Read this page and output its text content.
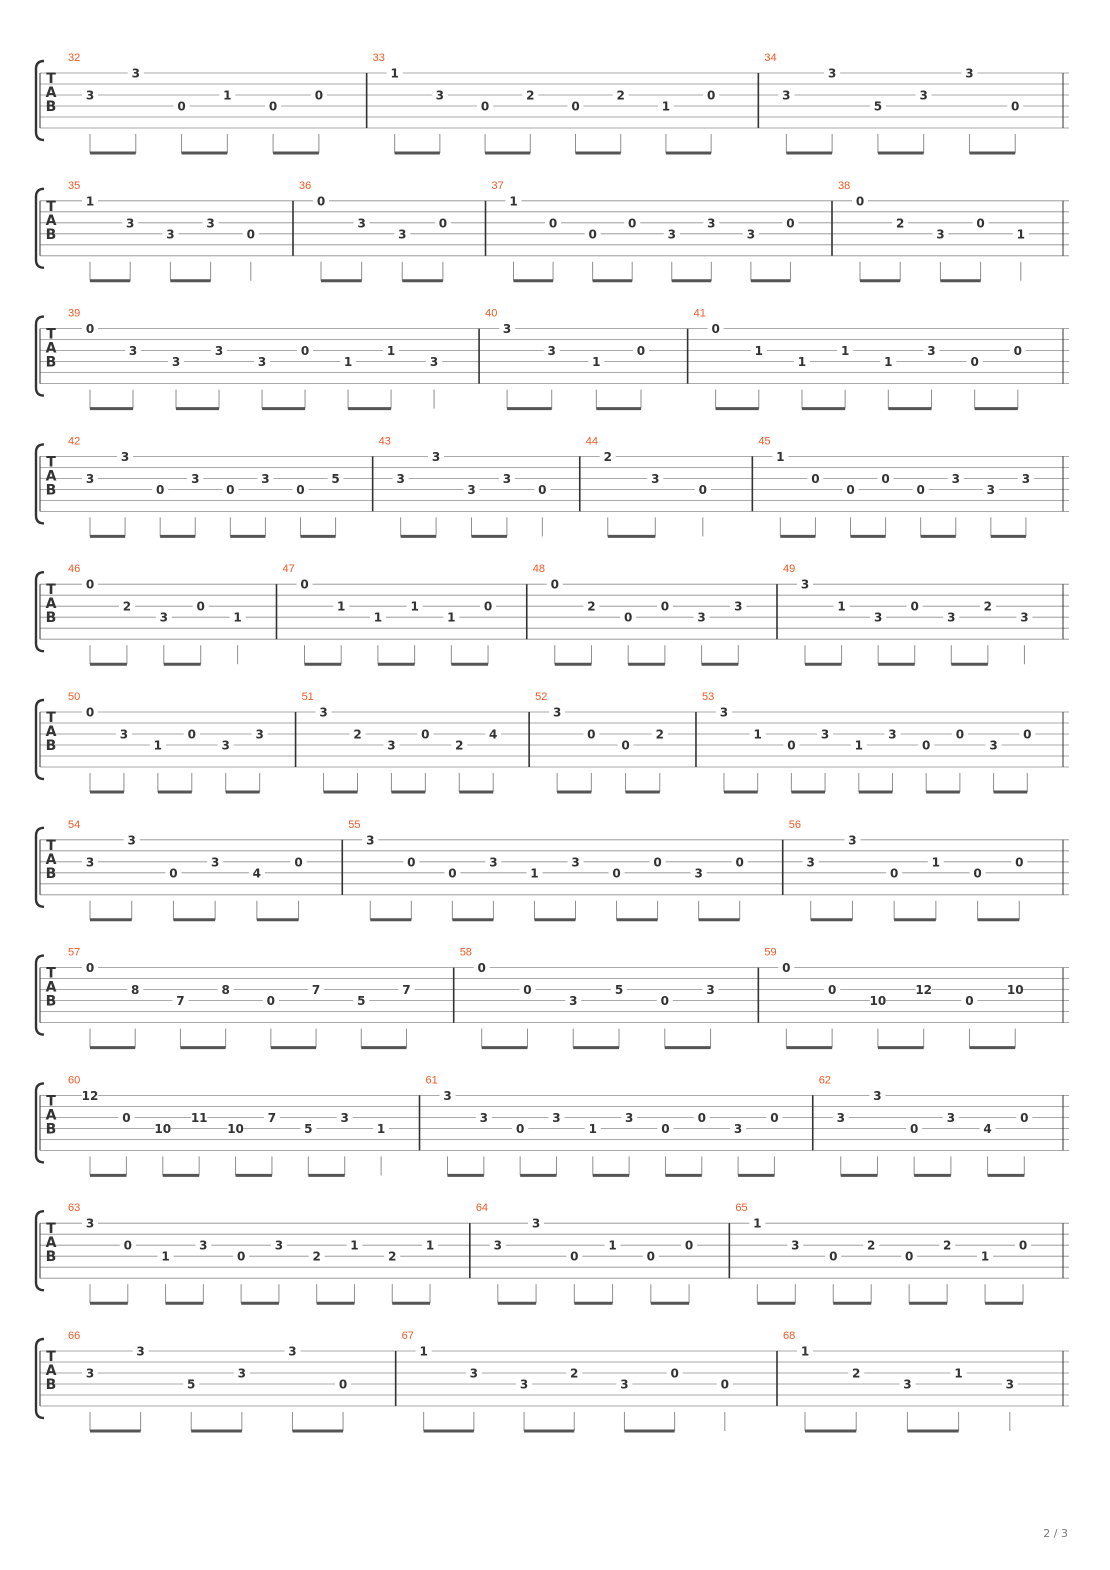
T
A
B
32
3
3
0
1
0
0
33
1
3
0
2
0
2
1
0
34
3
3
5
3
3
0
T
A
B
35
1
3
3
3
0
36
0
3
3
0
37
1
0
0
0
3
3
3
0
38
0
2
3
0
1
T
A
B
39
0
3
3
3
3
0
1
1
3
40
3
3
1
0
41
0
1
1
1
1
3
0
0
T
A
B
42
3
3
0
3
0
3
0
5
43
3
3
3
3
0
44
2
3
0
45
1
0
0
0
0
3
3
3
T
A
B
46
0
2
3
0
1
47
0
1
1
1
1
0
48
0
2
0
0
3
3
49
3
1
3
0
3
2
3
T
A
B
50
0
3
1
0
3
3
51
3
2
3
0
2
4
52
3
0
0
2
53
3
1
0
3
1
3
0
0
3
0
T
A
B
54
3
3
0
3
4
0
55
3
0
0
3
1
3
0
0
3
0
56
3
3
0
1
0
0
T
A
B
57
0
8
7
8
0
7
5
7
58
0
0
3
5
0
3
59
0
0
10
12
0
10
T
A
B
60
12
0
10
11
10
7
5
3
1
61
3
3
0
3
1
3
0
0
3
0
62
3
3
0
3
4
0
T
A
B
63
3
0
1
3
0
3
2
1
2
1
64
3
3
0
1
0
0
65
1
3
0
2
0
2
1
0
T
A
B
66
3
3
5
3
3
0
67
1
3
3
2
3
0
0
68
1
2
3
1
3
2 / 3
